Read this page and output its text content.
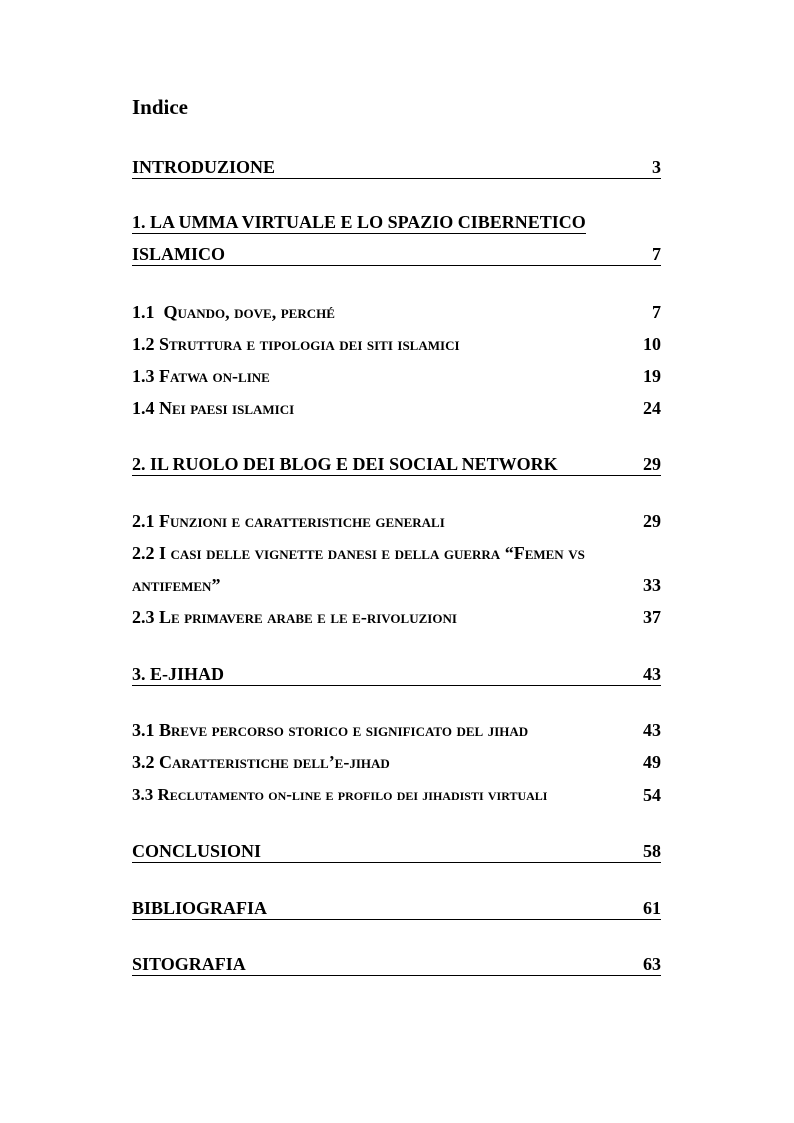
Indice
INTRODUZIONE	3
1. LA UMMA VIRTUALE E LO SPAZIO CIBERNETICO
ISLAMICO	7
1.1 Quando, dove, perché	7
1.2 Struttura e tipologia dei siti islamici	10
1.3 Fatwa on-line	19
1.4 Nei paesi islamici	24
2. IL RUOLO DEI BLOG E DEI SOCIAL NETWORK	29
2.1 Funzioni e caratteristiche generali	29
2.2 I casi delle vignette danesi e della guerra “Femen vs
antifemen”	33
2.3 Le primavere arabe e le e-rivoluzioni	37
3. E-JIHAD	43
3.1 Breve percorso storico e significato del jihad	43
3.2 Caratteristiche dell’e-jihad	49
3.3 Reclutamento on-line e profilo dei jihadisti virtuali	54
CONCLUSIONI	58
BIBLIOGRAFIA	61
SITOGRAFIA	63
